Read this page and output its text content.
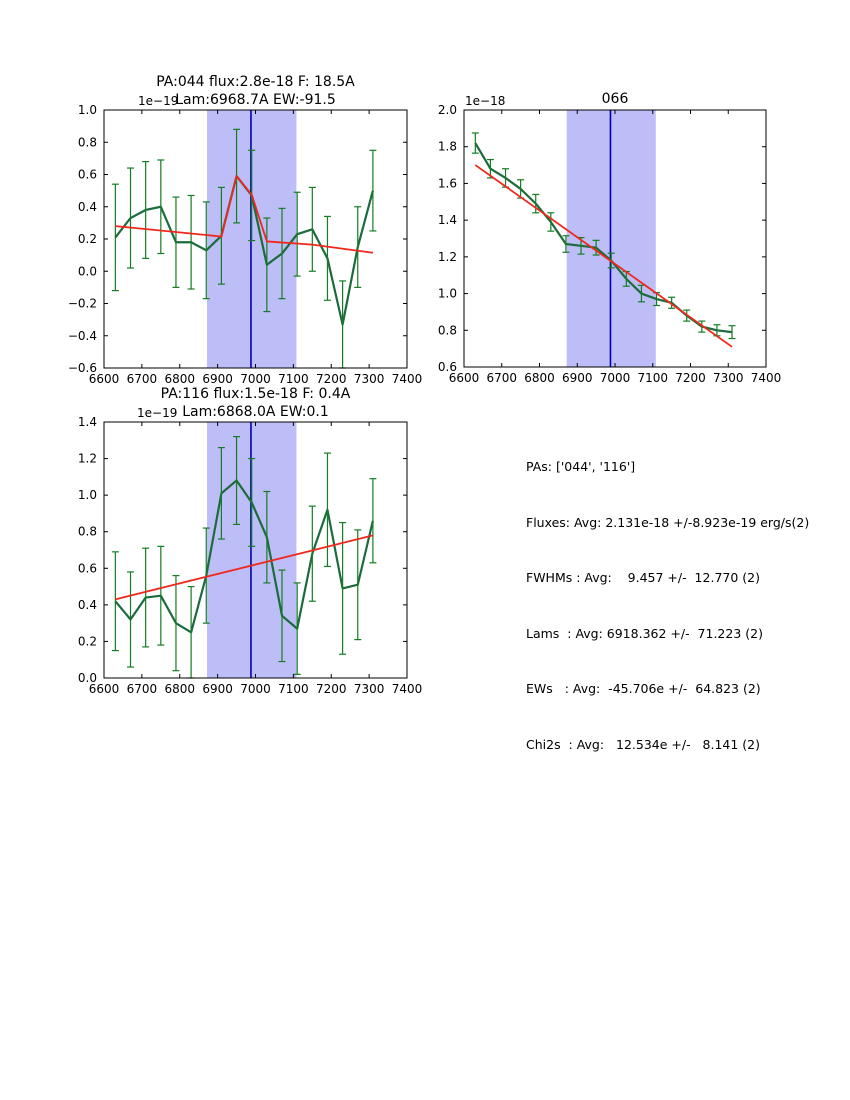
6600 6700 6800 6900 7000 7100 7200 7300 7400
1.0
0.8
0.6
0.4
0.2
0.0
−0.2
−0.4
−0.6
PA:044 flux:2.8e-18 F: 18.5A
Lam:6968.7A EW:-91.5
1e−19
6600 6700 6800 6900 7000 7100 7200 7300 7400
2.0
1.8
1.6
1.4
1.2
1.0
0.8
0.6
066
1e−18
6600 6700 6800 6900 7000 7100 7200 7300 7400
1.4
1.2
1.0
0.8
0.6
0.4
0.2
0.0
PA:116 flux:1.5e-18 F: 0.4A
Lam:6868.0A EW:0.1
1e−19

PAs: ['044', '116']

Fluxes: Avg: 2.131e-18 +/-8.923e-19 erg/s(2)

FWHMs : Avg:    9.457 +/-  12.770 (2)

Lams  : Avg: 6918.362 +/-  71.223 (2)

EWs   : Avg:  -45.706e +/-  64.823 (2)

Chi2s  : Avg:   12.534e +/-   8.141 (2)
